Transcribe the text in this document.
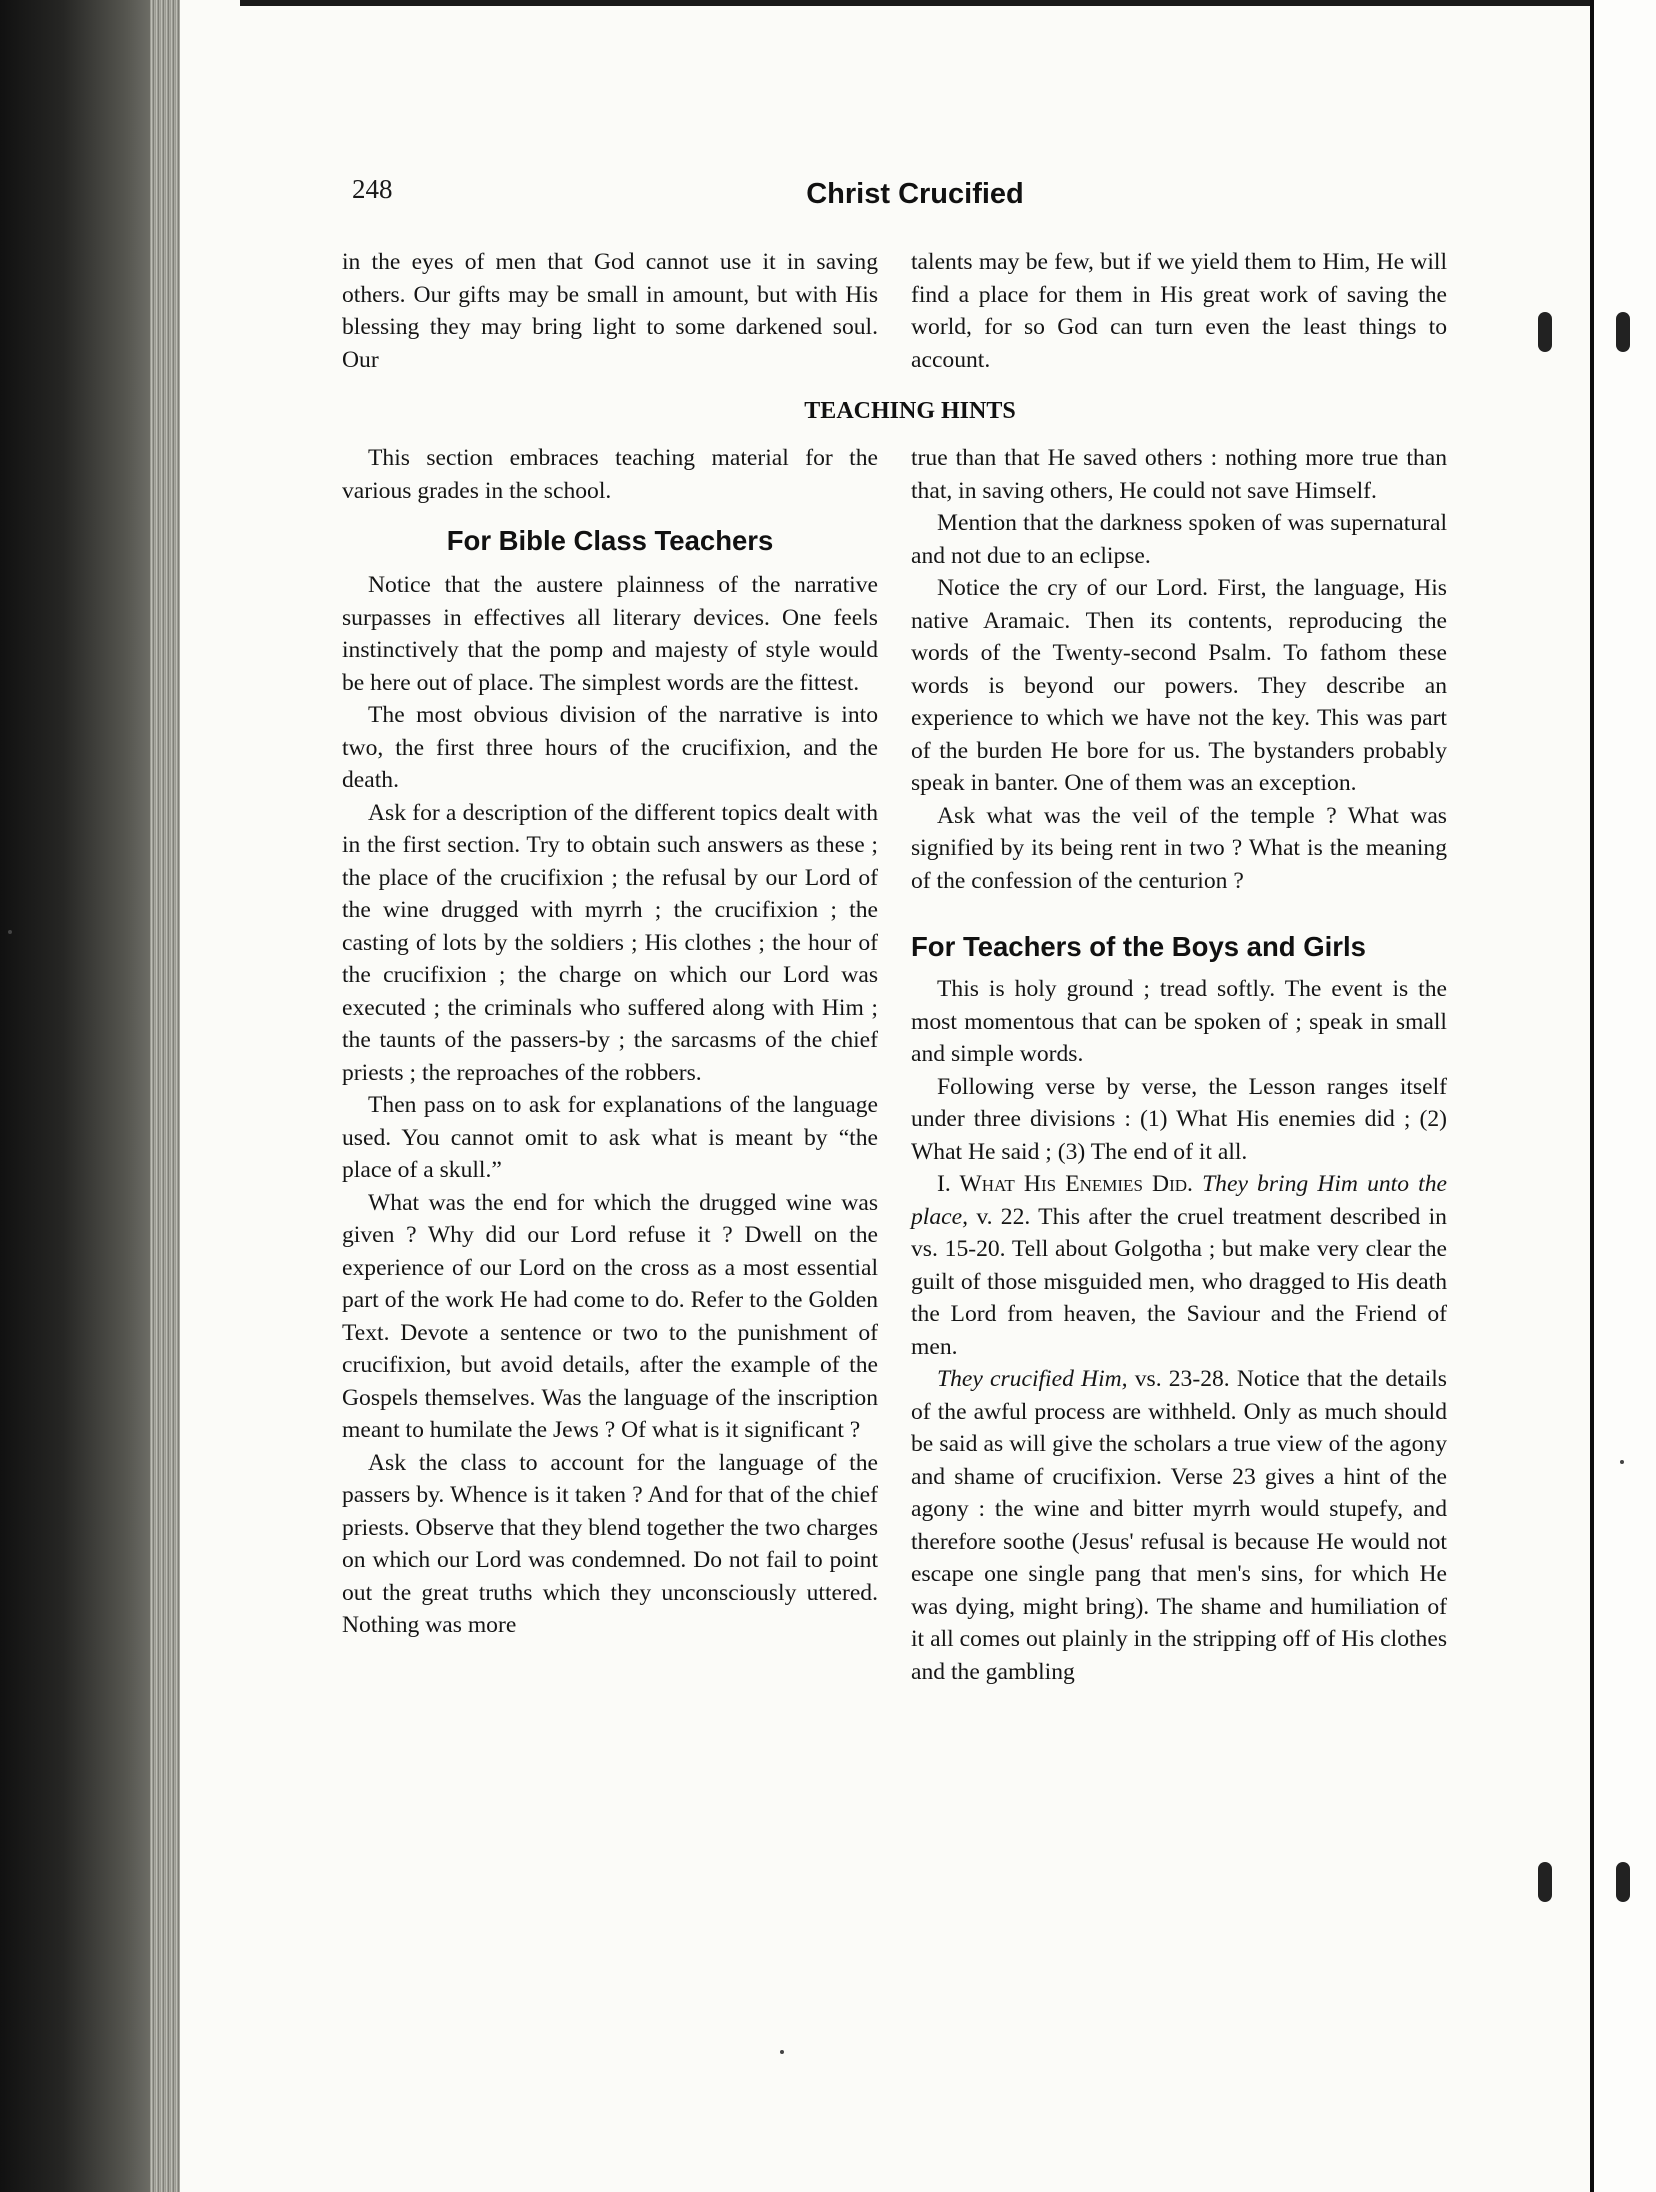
248	Christ Crucified
TEACHING HINTS

in the eyes of men that God cannot use it in saving others. Our gifts may be small in amount, but with His blessing they may bring light to some darkened soul. Our

This section embraces teaching material for the various grades in the school.

For Bible Class Teachers

Notice that the austere plainness of the narrative surpasses in effectives all literary devices. One feels instinctively that the pomp and majesty of style would be here out of place. The simplest words are the fittest.

The most obvious division of the narrative is into two, the first three hours of the crucifixion, and the death.

Ask for a description of the different topics dealt with in the first section. Try to obtain such answers as these ; the place of the crucifixion ; the refusal by our Lord of the wine drugged with myrrh ; the crucifixion ; the casting of lots by the soldiers ; His clothes ; the hour of the crucifixion ; the charge on which our Lord was executed ; the criminals who suffered along with Him ; the taunts of the passers-by ; the sarcasms of the chief priests ; the reproaches of the robbers.

Then pass on to ask for explanations of the language used. You cannot omit to ask what is meant by “the place of a skull.”

What was the end for which the drugged wine was given ? Why did our Lord refuse it ? Dwell on the experience of our Lord on the cross as a most essential part of the work He had come to do. Refer to the Golden Text. Devote a sentence or two to the punishment of crucifixion, but avoid details, after the example of the Gospels themselves. Was the language of the inscription meant to humilate the Jews ? Of what is it significant ?

Ask the class to account for the language of the passers by. Whence is it taken ? And for that of the chief priests. Observe that they blend together the two charges on which our Lord was condemned. Do not fail to point out the great truths which they unconsciously uttered. Nothing was more

talents may be few, but if we yield them to Him, He will find a place for them in His great work of saving the world, for so God can turn even the least things to account.

true than that He saved others : nothing more true than that, in saving others, He could not save Himself.

Mention that the darkness spoken of was supernatural and not due to an eclipse.

Notice the cry of our Lord. First, the language, His native Aramaic. Then its contents, reproducing the words of the Twenty-second Psalm. To fathom these words is beyond our powers. They describe an experience to which we have not the key. This was part of the burden He bore for us. The bystanders probably speak in banter. One of them was an exception.

Ask what was the veil of the temple ? What was signified by its being rent in two ? What is the meaning of the confession of the centurion ?

For Teachers of the Boys and Girls

This is holy ground ; tread softly. The event is the most momentous that can be spoken of ; speak in small and simple words.

Following verse by verse, the Lesson ranges itself under three divisions : (1) What His enemies did ; (2) What He said ; (3) The end of it all.

I. What His Enemies Did. They bring Him unto the place, v. 22. This after the cruel treatment described in vs. 15-20. Tell about Golgotha ; but make very clear the guilt of those misguided men, who dragged to His death the Lord from heaven, the Saviour and the Friend of men.

They crucified Him, vs. 23-28. Notice that the details of the awful process are withheld. Only as much should be said as will give the scholars a true view of the agony and shame of crucifixion. Verse 23 gives a hint of the agony : the wine and bitter myrrh would stupefy, and therefore soothe (Jesus' refusal is because He would not escape one single pang that men's sins, for which He was dying, might bring). The shame and humiliation of it all comes out plainly in the stripping off of His clothes and the gambling
